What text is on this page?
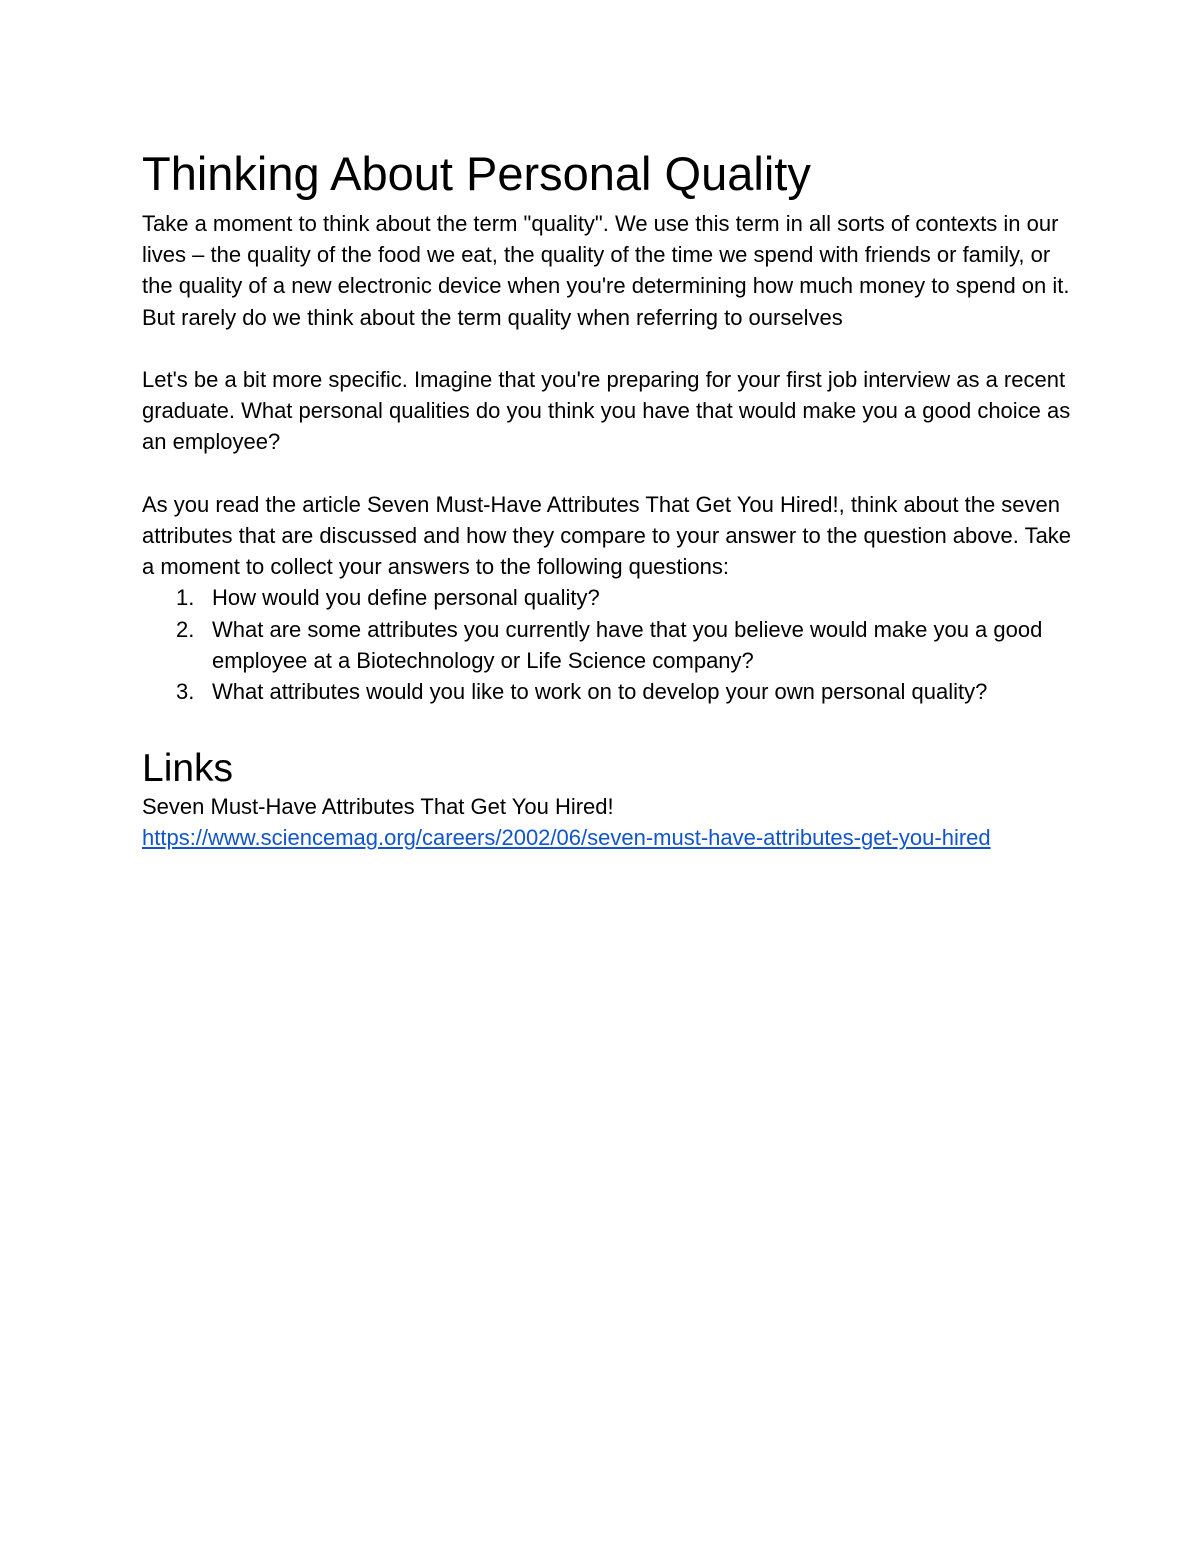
Thinking About Personal Quality

Take a moment to think about the term "quality". We use this term in all sorts of contexts in our lives – the quality of the food we eat, the quality of the time we spend with friends or family, or the quality of a new electronic device when you're determining how much money to spend on it. But rarely do we think about the term quality when referring to ourselves

Let's be a bit more specific. Imagine that you're preparing for your first job interview as a recent graduate. What personal qualities do you think you have that would make you a good choice as an employee?

As you read the article Seven Must-Have Attributes That Get You Hired!, think about the seven attributes that are discussed and how they compare to your answer to the question above. Take a moment to collect your answers to the following questions:

1. How would you define personal quality?
2. What are some attributes you currently have that you believe would make you a good employee at a Biotechnology or Life Science company?
3. What attributes would you like to work on to develop your own personal quality?
Links

Seven Must-Have Attributes That Get You Hired!

https://www.sciencemag.org/careers/2002/06/seven-must-have-attributes-get-you-hired
